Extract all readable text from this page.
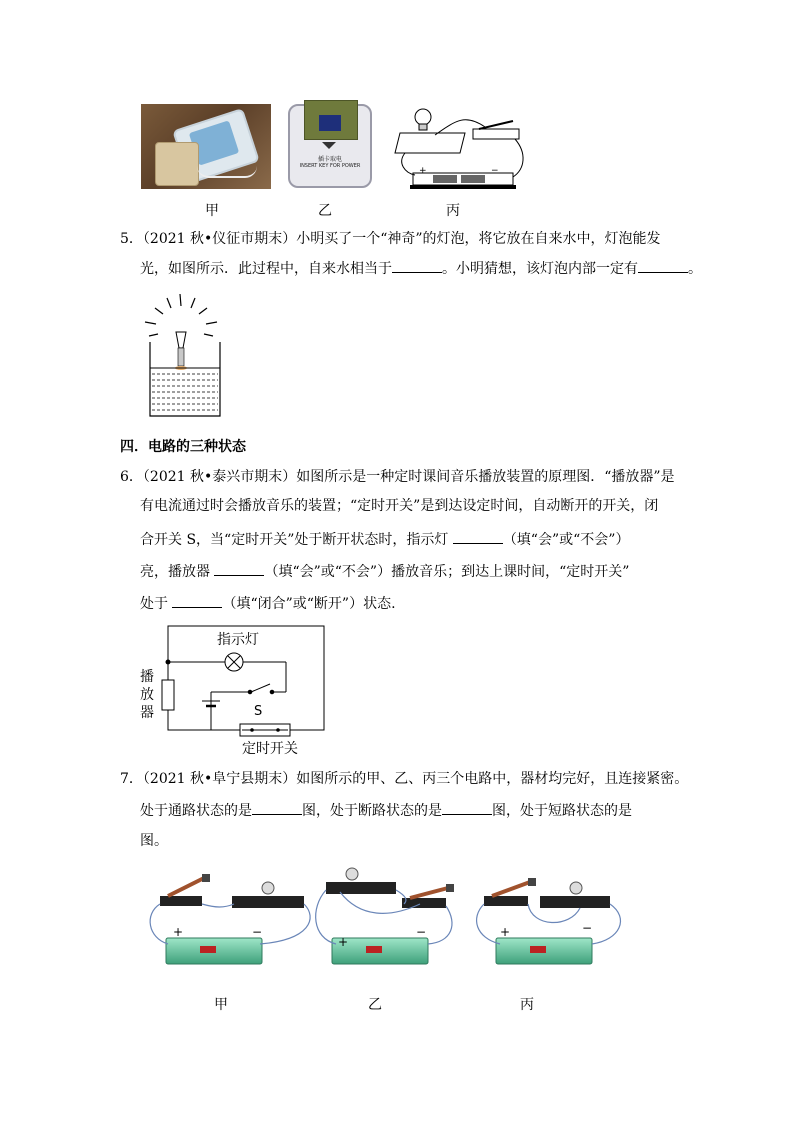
插卡取电
INSERT KEY FOR POWER	+	−
甲	乙	丙
5．（2021 秋•仪征市期末）小明买了一个“神奇”的灯泡，将它放在自来水中，灯泡能发
光，如图所示．此过程中，自来水相当于	。小明猜想，该灯泡内部一定有	。
四．电路的三种状态
6．（2021 秋•泰兴市期末）如图所示是一种定时课间音乐播放装置的原理图．“播放器”是
有电流通过时会播放音乐的装置；“定时开关”是到达设定时间，自动断开的开关，闭
合开关 S，当“定时开关”处于断开状态时，指示灯	（填“会”或“不会”）
亮，播放器	（填“会”或“不会”）播放音乐；到达上课时间，“定时开关”
处于	（填“闭合”或“断开”）状态.
指示灯
播
放
器	S
定时开关
7．（2021 秋•阜宁县期末）如图所示的甲、乙、丙三个电路中，器材均完好，且连接紧密。
处于通路状态的是	图，处于断路状态的是	图，处于短路状态的是
图。
+	−
+
−	+	−
甲	乙	丙
